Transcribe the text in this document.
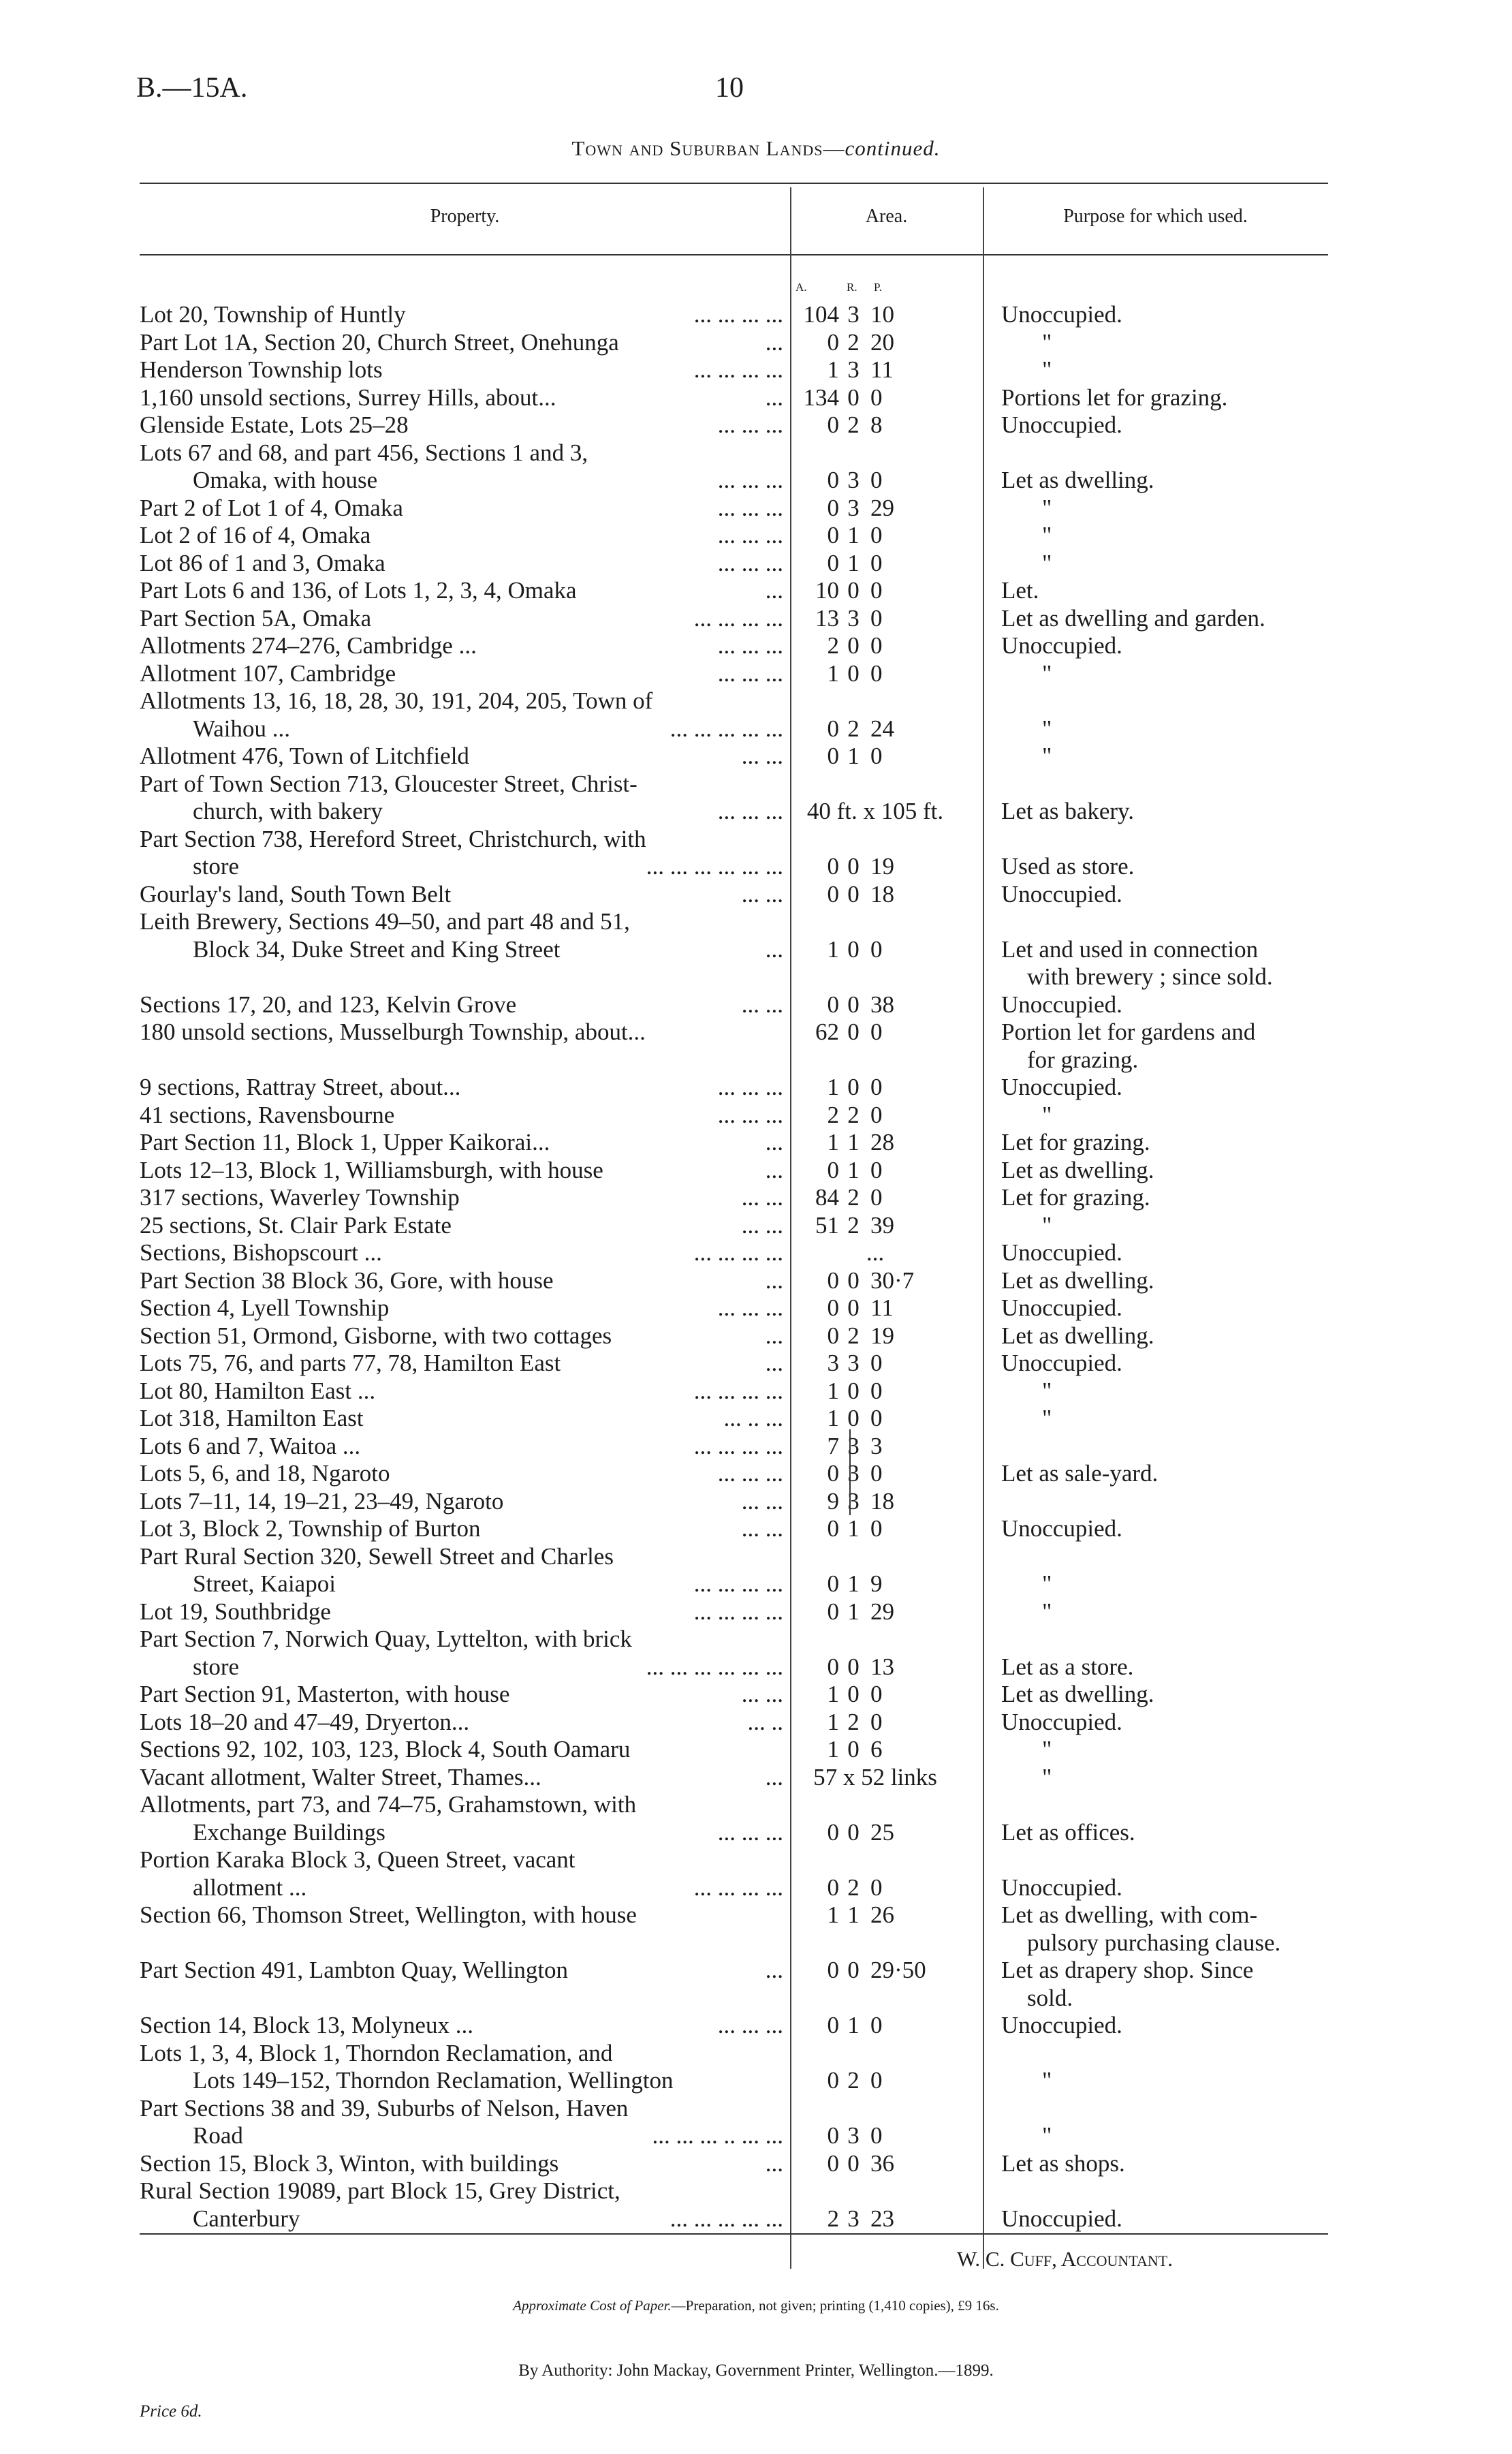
B.—15A.	10
Town and Suburban Lands—continued.
Property.	Area.	Purpose for which used.
A.	R. P.
Lot 20, Township of Huntly	... ... ... ... 104 3 10	Unoccupied.
Part Lot 1A, Section 20, Church Street, Onehunga	... 0 2 20	"
Henderson Township lots	... ... ... ... 1 3 11	"
1,160 unsold sections, Surrey Hills, about...	... 134 0 0	Portions let for grazing.
Glenside Estate, Lots 25–28	... ... ... 0 2 8	Unoccupied.
Lots 67 and 68, and part 456, Sections 1 and 3,
Omaka, with house	... ... ... 0 3 0	Let as dwelling.
Part 2 of Lot 1 of 4, Omaka	... ... ... 0 3 29	"
Lot 2 of 16 of 4, Omaka	... ... ... 0 1 0	"
Lot 86 of 1 and 3, Omaka	... ... ... 0 1 0	"
Part Lots 6 and 136, of Lots 1, 2, 3, 4, Omaka	... 10 0 0	Let.
Part Section 5A, Omaka	... ... ... ... 13 3 0	Let as dwelling and garden.
Allotments 274–276, Cambridge ...	... ... ... 2 0 0	Unoccupied.
Allotment 107, Cambridge	... ... ... 1 0 0	"
Allotments 13, 16, 18, 28, 30, 191, 204, 205, Town of
Waihou ...	... ... ... ... ... 0 2 24	"
Allotment 476, Town of Litchfield	... ... 0 1 0	"
Part of Town Section 713, Gloucester Street, Christ-
church, with bakery	... ... ... 40 ft. x 105 ft.	Let as bakery.
Part Section 738, Hereford Street, Christchurch, with
store	... ... ... ... ... ... 0 0 19	Used as store.
Gourlay's land, South Town Belt	... ... 0 0 18	Unoccupied.
Leith Brewery, Sections 49–50, and part 48 and 51,
Block 34, Duke Street and King Street	... 1 0 0	Let and used in connection
with brewery ; since sold.
Sections 17, 20, and 123, Kelvin Grove	... ... 0 0 38	Unoccupied.
180 unsold sections, Musselburgh Township, about...	62 0 0	Portion let for gardens and
for grazing.
9 sections, Rattray Street, about...	... ... ... 1 0 0	Unoccupied.
41 sections, Ravensbourne	... ... ... 2 2 0	"
Part Section 11, Block 1, Upper Kaikorai...	... 1 1 28	Let for grazing.
Lots 12–13, Block 1, Williamsburgh, with house	... 0 1 0	Let as dwelling.
317 sections, Waverley Township	... ... 84 2 0	Let for grazing.
25 sections, St. Clair Park Estate	... ... 51 2 39	"
Sections, Bishopscourt ...	... ... ... ...	...	Unoccupied.
Part Section 38 Block 36, Gore, with house	... 0 0 30·7	Let as dwelling.
Section 4, Lyell Township	... ... ... 0 0 11	Unoccupied.
Section 51, Ormond, Gisborne, with two cottages	... 0 2 19	Let as dwelling.
Lots 75, 76, and parts 77, 78, Hamilton East	... 3 3 0	Unoccupied.
Lot 80, Hamilton East ...	... ... ... ... 1 0 0	"
Lot 318, Hamilton East	... .. ... 1 0 0	"
Lots 6 and 7, Waitoa ...	... ... ... ... 7 3 3
Lots 5, 6, and 18, Ngaroto	... ... ... 0 3 0	Let as sale-yard.
Lots 7–11, 14, 19–21, 23–49, Ngaroto	... ... 9 3 18
Lot 3, Block 2, Township of Burton	... ... 0 1 0	Unoccupied.
Part Rural Section 320, Sewell Street and Charles
Street, Kaiapoi	... ... ... ... 0 1 9	"
Lot 19, Southbridge	... ... ... ... 0 1 29	"
Part Section 7, Norwich Quay, Lyttelton, with brick
store	... ... ... ... ... ... 0 0 13	Let as a store.
Part Section 91, Masterton, with house	... ... 1 0 0	Let as dwelling.
Lots 18–20 and 47–49, Dryerton...	... .. 1 2 0	Unoccupied.
Sections 92, 102, 103, 123, Block 4, South Oamaru	1 0 6	"
Vacant allotment, Walter Street, Thames...	...	57 x 52 links	"
Allotments, part 73, and 74–75, Grahamstown, with
Exchange Buildings	... ... ... 0 0 25	Let as offices.
Portion Karaka Block 3, Queen Street, vacant
allotment ...	... ... ... ... 0 2 0	Unoccupied.
Section 66, Thomson Street, Wellington, with house	1 1 26	Let as dwelling, with com-
pulsory purchasing clause.
Part Section 491, Lambton Quay, Wellington	... 0 0 29·50	Let as drapery shop. Since
sold.
Section 14, Block 13, Molyneux ...	... ... ... 0 1 0	Unoccupied.
Lots 1, 3, 4, Block 1, Thorndon Reclamation, and
Lots 149–152, Thorndon Reclamation, Wellington	0 2 0	"
Part Sections 38 and 39, Suburbs of Nelson, Haven
Road	... ... ... .. ... ... 0 3 0	"
Section 15, Block 3, Winton, with buildings	... 0 0 36	Let as shops.
Rural Section 19089, part Block 15, Grey District,
Canterbury	... ... ... ... ... 2 3 23	Unoccupied.
W. C. Cuff, Accountant.
Approximate Cost of Paper.—Preparation, not given; printing (1,410 copies), £9 16s.
By Authority: John Mackay, Government Printer, Wellington.—1899.
Price 6d.
